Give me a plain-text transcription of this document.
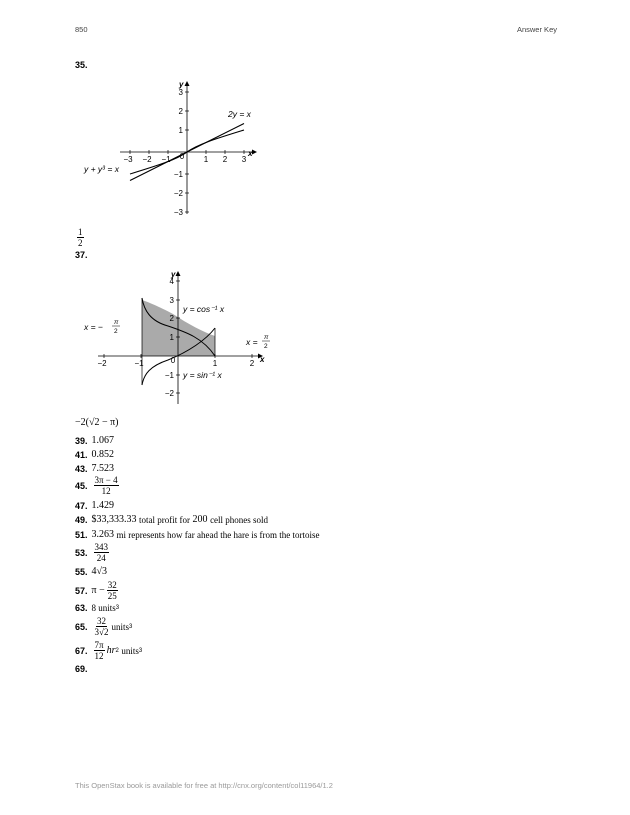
850	Answer Key
35.
−3 −2 −1 0 1 2 3
3
2
1
−1
−2
−3
x
y
2y = x
y + y³ = x
$\frac{1}{2}$
37.
−2	−1	0	1	2
4
3
2
1
−1
−2
x
y
y = cos⁻¹ x
y = sin⁻¹ x
x = − π
2
x = π
2
−2(√2 − π)
39. 1.067
41. 0.852
43. 7.523
45. $\frac{3\pi - 4}{12}$
47. 1.429
49. $33,333.33
total profit for
200
cell phones sold
51. 3.263
mi represents how far ahead the hare is from the tortoise
53. $\frac{343}{24}$
55. 4√3
57. $\pi - \frac{32}{25}$
63. 8 units 3
65. $\frac{32}{3√2}$ units 3
67. $\frac{7\pi}{12}$ hr 2
units 3
69.
This OpenStax book is available for free at http://cnx.org/content/col11964/1.2
